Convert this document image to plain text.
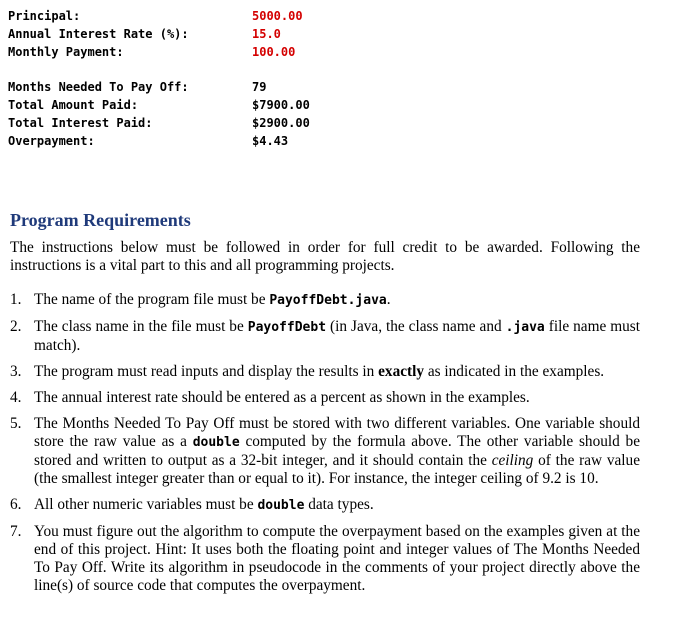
Principal:	5000.00
Annual Interest Rate (%):	15.0
Monthly Payment:	100.00
Months Needed To Pay Off:	79
Total Amount Paid:	$7900.00
Total Interest Paid:	$2900.00
Overpayment:	$4.43
Program Requirements

The instructions below must be followed in order for full credit to be awarded. Following the instructions is a vital part to this and all programming projects.

1. The name of the program file must be PayoffDebt.java.
2. The class name in the file must be PayoffDebt (in Java, the class name and .java file name must match).
3. The program must read inputs and display the results in exactly as indicated in the examples.
4. The annual interest rate should be entered as a percent as shown in the examples.
5. The Months Needed To Pay Off must be stored with two different variables. One variable should store the raw value as a double computed by the formula above. The other variable should be stored and written to output as a 32-bit integer, and it should contain the ceiling of the raw value (the smallest integer greater than or equal to it). For instance, the integer ceiling of 9.2 is 10.
6. All other numeric variables must be double data types.
7. You must figure out the algorithm to compute the overpayment based on the examples given at the end of this project. Hint: It uses both the floating point and integer values of The Months Needed To Pay Off. Write its algorithm in pseudocode in the comments of your project directly above the line(s) of source code that computes the overpayment.
